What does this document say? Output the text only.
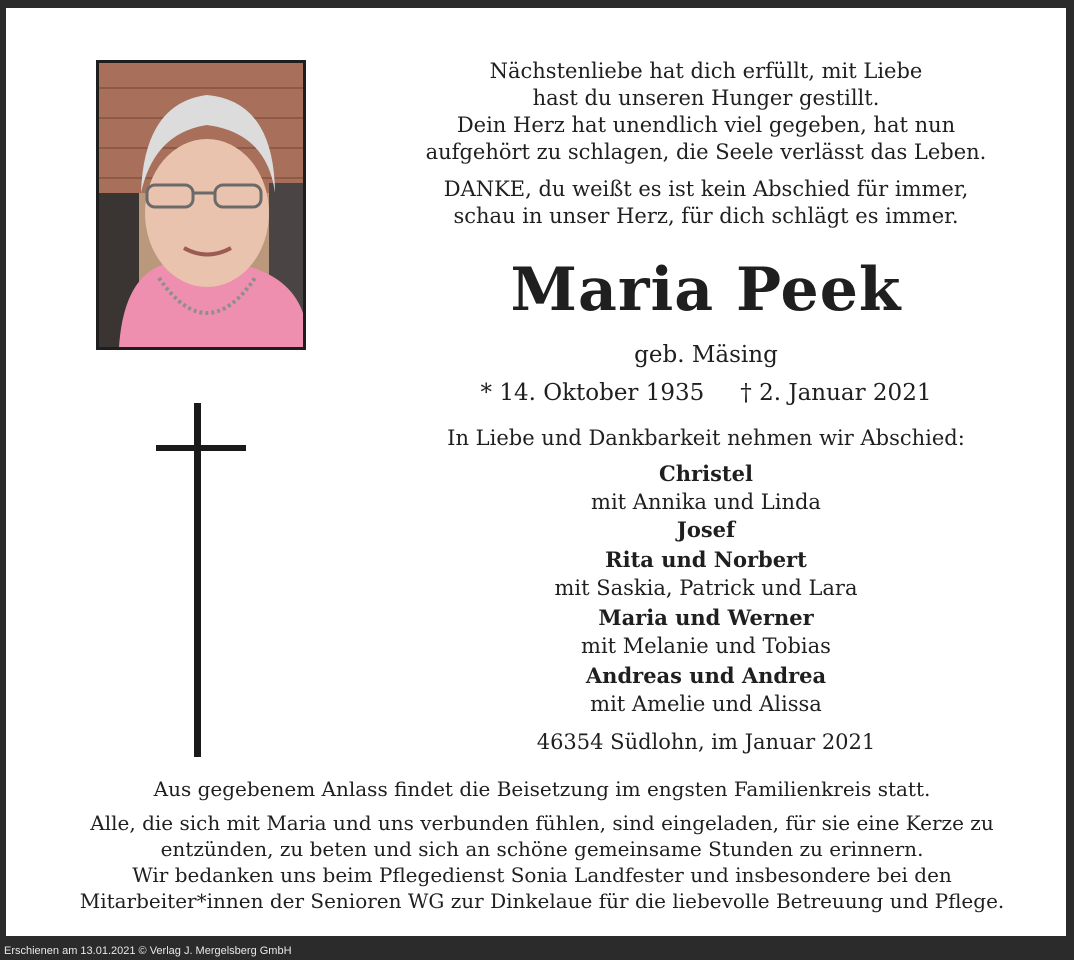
Nächstenliebe hat dich erfüllt, mit Liebe
hast du unseren Hunger gestillt.
Dein Herz hat unendlich viel gegeben, hat nun
aufgehört zu schlagen, die Seele verlässt das Leben.

DANKE, du weißt es ist kein Abschied für immer,
schau in unser Herz, für dich schlägt es immer.

Maria Peek
geb. Mäsing
* 14. Oktober 1935 † 2. Januar 2021
In Liebe und Dankbarkeit nehmen wir Abschied:
Christel
mit Annika und Linda
Josef
Rita und Norbert
mit Saskia, Patrick und Lara
Maria und Werner
mit Melanie und Tobias
Andreas und Andrea
mit Amelie und Alissa
46354 Südlohn, im Januar 2021

Aus gegebenem Anlass findet die Beisetzung im engsten Familienkreis statt.

Alle, die sich mit Maria und uns verbunden fühlen, sind eingeladen, für sie eine Kerze zu
entzünden, zu beten und sich an schöne gemeinsame Stunden zu erinnern.
Wir bedanken uns beim Pflegedienst Sonia Landfester und insbesondere bei den
Mitarbeiter*innen der Senioren WG zur Dinkelaue für die liebevolle Betreuung und Pflege.

Erschienen am 13.01.2021 © Verlag J. Mergelsberg GmbH
